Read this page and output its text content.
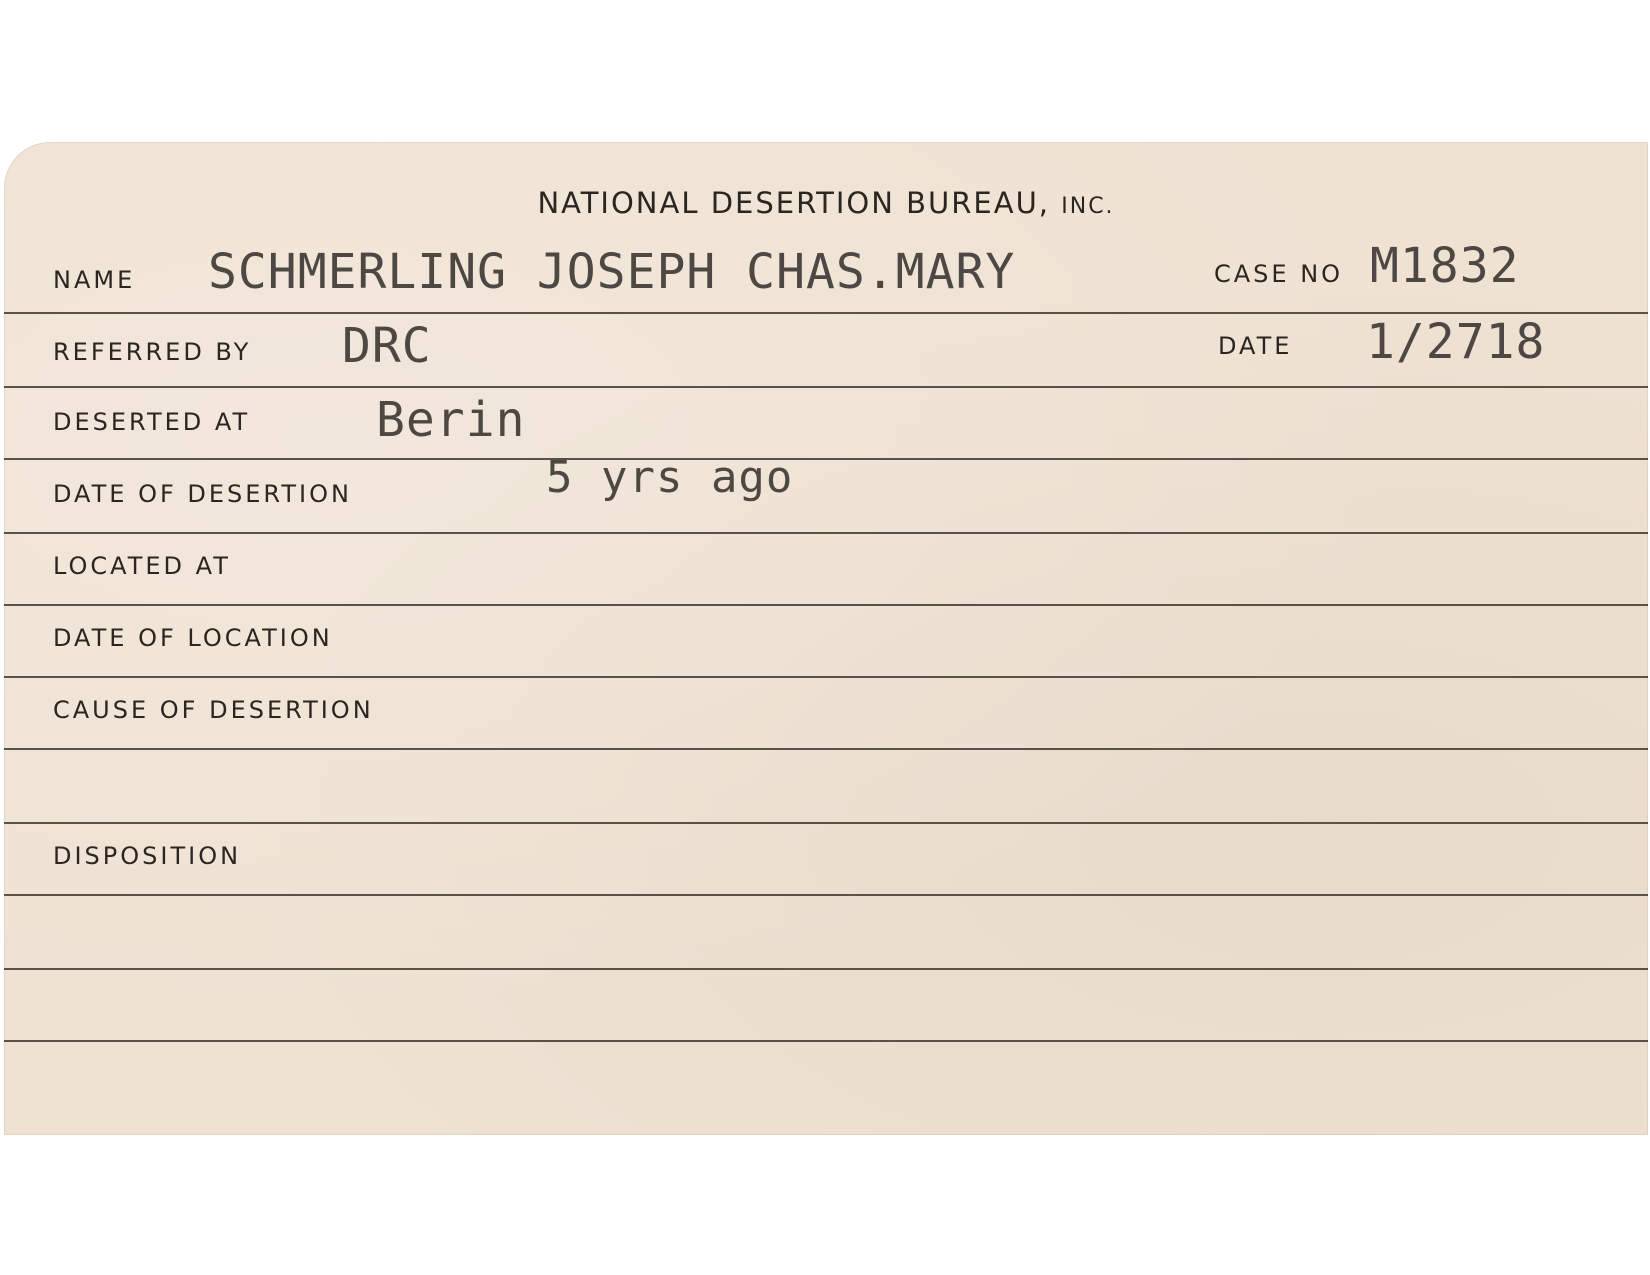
NATIONAL DESERTION BUREAU, INC.
NAME SCHMERLING JOSEPH CHAS.MARY	CASE NO M1832
REFERRED BY DRC	DATE 1/2718
DESERTED AT	Berin
DATE OF DESERTION	5 yrs ago
LOCATED AT
DATE OF LOCATION
CAUSE OF DESERTION
DISPOSITION
